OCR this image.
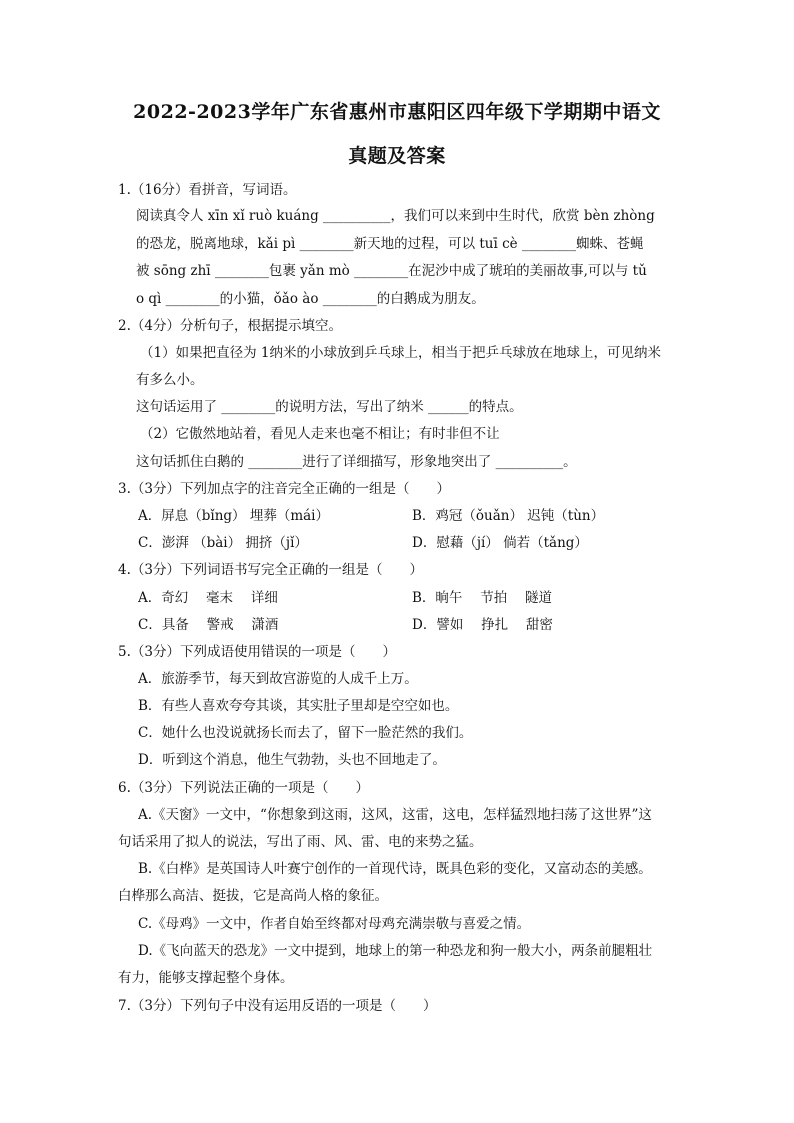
2022-2023学年广东省惠州市惠阳区四年级下学期期中语文
真题及答案
1.（16分）看拼音，写词语。
阅读真令人 xīn xǐ ruò kuáng __________，我们可以来到中生时代，欣赏 bèn zhòng
的恐龙，脱离地球，kǎi pì ________新天地的过程，可以 tuī cè ________蜘蛛、苍蝇
被 sōng zhī ________包裹 yǎn mò ________在泥沙中成了琥珀的美丽故事,可以与 tǔ
o qì ________的小猫，ǒǎo ào ________的白鹅成为朋友。
2.（4分）分析句子，根据提示填空。
（1）如果把直径为 1纳米的小球放到乒乓球上，相当于把乒乓球放在地球上，可见纳米
有多么小。
这句话运用了 ________的说明方法，写出了纳米 ______的特点。
（2）它傲然地站着，看见人走来也毫不相让；有时非但不让
这句话抓住白鹅的 ________进行了详细描写，形象地突出了 __________。
3.（3分）下列加点字的注音完全正确的一组是（　　）
A．屏息（bǐng） 埋葬（mái）	B．鸡冠（ǒuǎn） 迟钝（tùn）
C．澎湃 （bài） 拥挤（jǐ）	D．慰藉（jí） 倘若（tǎng）
4.（3分）下列词语书写完全正确的一组是（　　）
A．奇幻　 毫末　 详细	B．晌午　 节拍　 隧道
C．具备　 警戒　 潇酒	D．譬如　 挣扎　 甜密
5.（3分）下列成语使用错误的一项是（　　）
A．旅游季节，每天到故宫游览的人成千上万。
B．有些人喜欢夸夸其谈，其实肚子里却是空空如也。
C．她什么也没说就扬长而去了，留下一脸茫然的我们。
D．听到这个消息，他生气勃勃，头也不回地走了。
6.（3分）下列说法正确的一项是（　　）
A.《天窗》一文中，“你想象到这雨，这风，这雷，这电，怎样猛烈地扫荡了这世界”这
句话采用了拟人的说法，写出了雨、风、雷、电的来势之猛。
B.《白桦》是英国诗人叶赛宁创作的一首现代诗，既具色彩的变化，又富动态的美感。
白桦那么高洁、挺拔，它是高尚人格的象征。
C.《母鸡》一文中，作者自始至终都对母鸡充满崇敬与喜爱之情。
D.《飞向蓝天的恐龙》一文中提到，地球上的第一种恐龙和狗一般大小，两条前腿粗壮
有力，能够支撑起整个身体。
7.（3分）下列句子中没有运用反语的一项是（　　）
